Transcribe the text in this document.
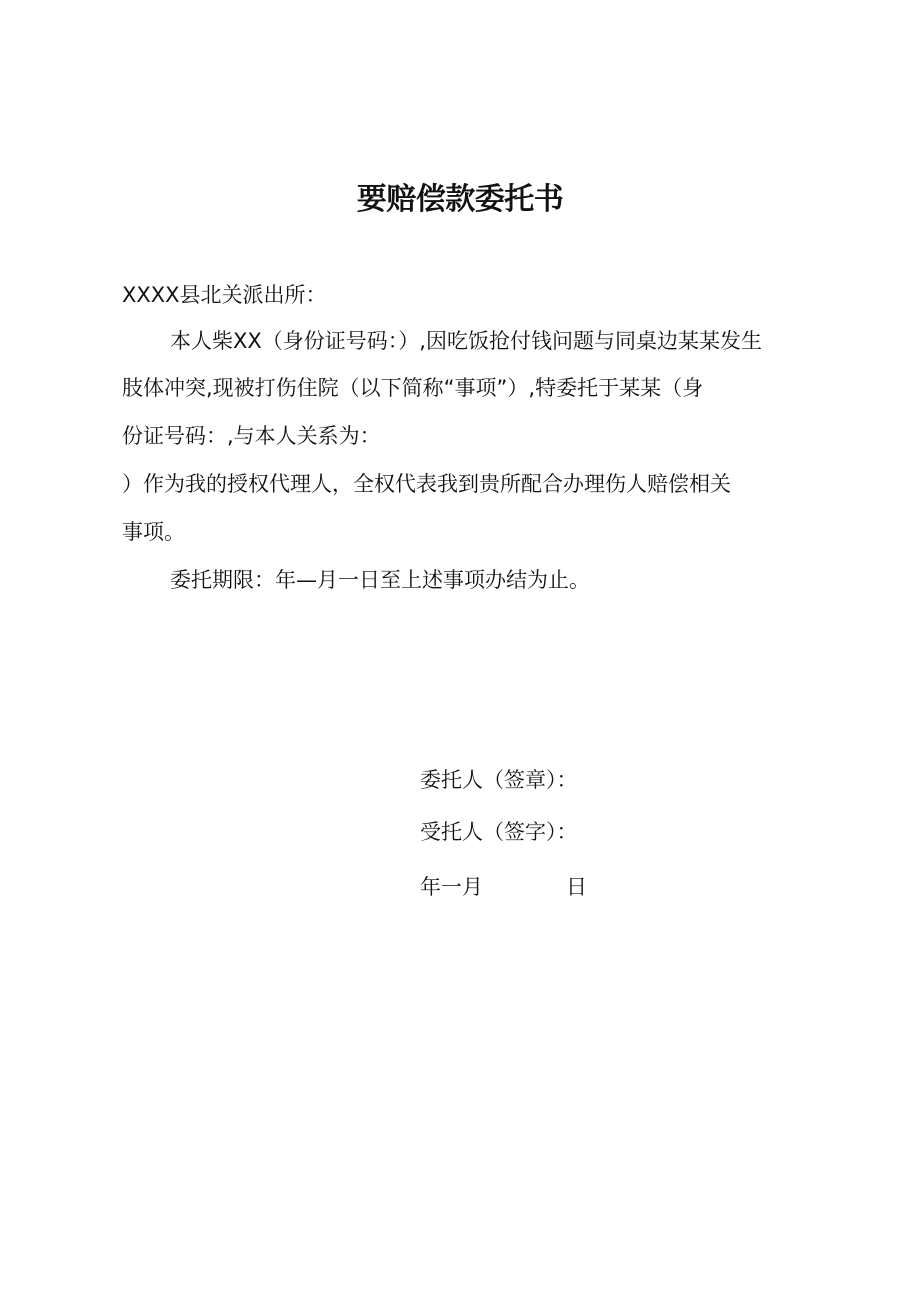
要赔偿款委托书
XXXX县北关派出所：
本人柴XX（身份证号码：）,因吃饭抢付钱问题与同桌边某某发生
肢体冲突,现被打伤住院（以下简称“事项”）,特委托于某某（身
份证号码：,与本人关系为：
）作为我的授权代理人，全权代表我到贵所配合办理伤人赔偿相关
事项。
委托期限：年—月一日至上述事项办结为止。
委托人（签章）：
受托人（签字）：
年一月	日
